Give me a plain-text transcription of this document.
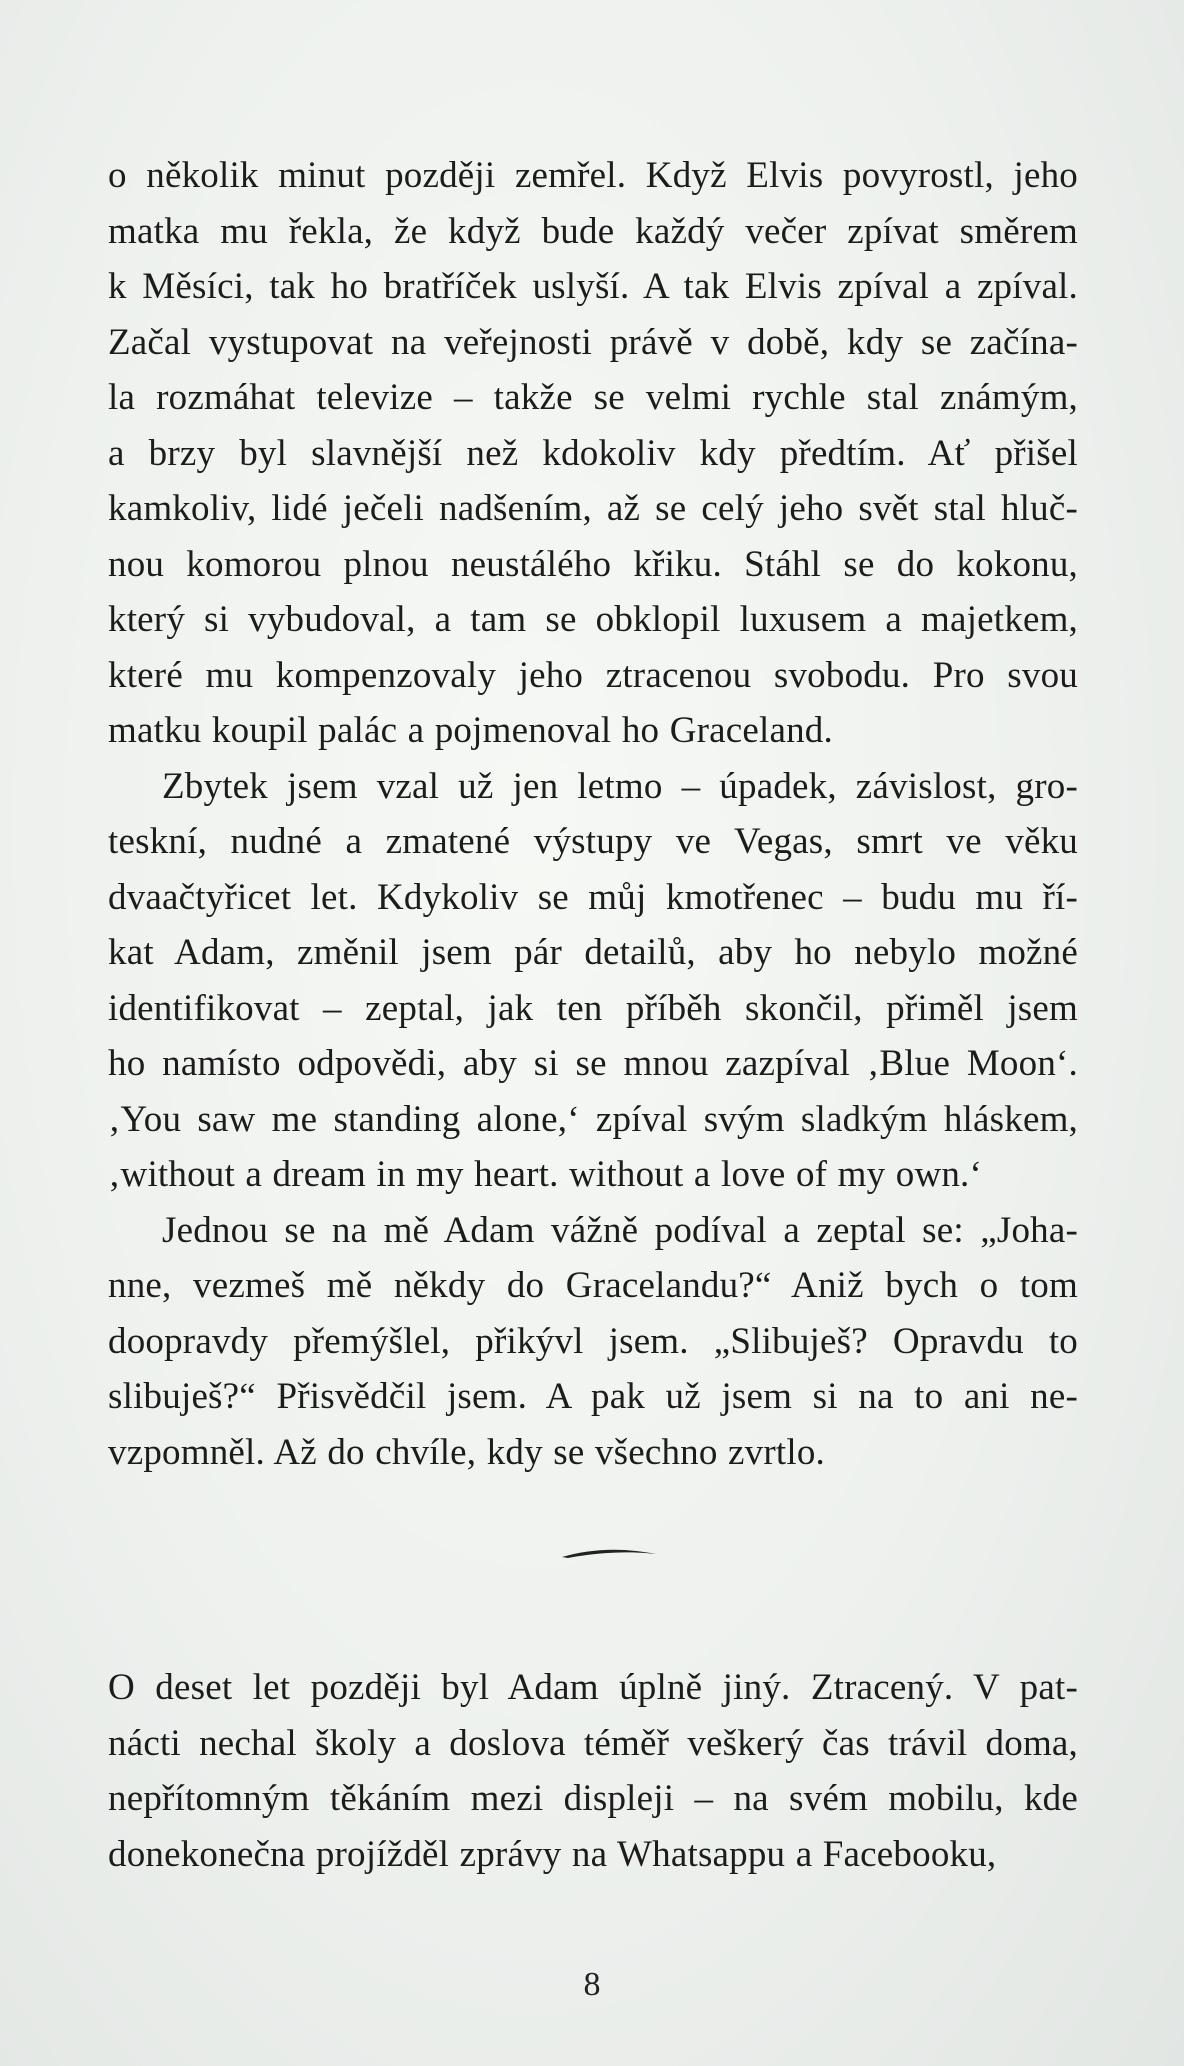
o několik minut později zemřel. Když Elvis povyrostl, jeho
matka mu řekla, že když bude každý večer zpívat směrem
k Měsíci, tak ho bratříček uslyší. A tak Elvis zpíval a zpíval.
Začal vystupovat na veřejnosti právě v době, kdy se začína-
la rozmáhat televize – takže se velmi rychle stal známým,
a brzy byl slavnější než kdokoliv kdy předtím. Ať přišel
kamkoliv, lidé ječeli nadšením, až se celý jeho svět stal hluč-
nou komorou plnou neustálého křiku. Stáhl se do kokonu,
který si vybudoval, a tam se obklopil luxusem a majetkem,
které mu kompenzovaly jeho ztracenou svobodu. Pro svou
matku koupil palác a pojmenoval ho Graceland.
Zbytek jsem vzal už jen letmo – úpadek, závislost, gro-
teskní, nudné a zmatené výstupy ve Vegas, smrt ve věku
dvaačtyřicet let. Kdykoliv se můj kmotřenec – budu mu ří-
kat Adam, změnil jsem pár detailů, aby ho nebylo možné
identifikovat – zeptal, jak ten příběh skončil, přiměl jsem
ho namísto odpovědi, aby si se mnou zazpíval ‚Blue Moon‘.
‚You saw me standing alone,‘ zpíval svým sladkým hláskem,
‚without a dream in my heart. without a love of my own.‘
Jednou se na mě Adam vážně podíval a zeptal se: „Joha-
nne, vezmeš mě někdy do Gracelandu?“ Aniž bych o tom
doopravdy přemýšlel, přikývl jsem. „Slibuješ? Opravdu to
slibuješ?“ Přisvědčil jsem. A pak už jsem si na to ani ne-
vzpomněl. Až do chvíle, kdy se všechno zvrtlo.
O deset let později byl Adam úplně jiný. Ztracený. V pat-
nácti nechal školy a doslova téměř veškerý čas trávil doma,
nepřítomným těkáním mezi displeji – na svém mobilu, kde
donekonečna projížděl zprávy na Whatsappu a Facebooku,
8
